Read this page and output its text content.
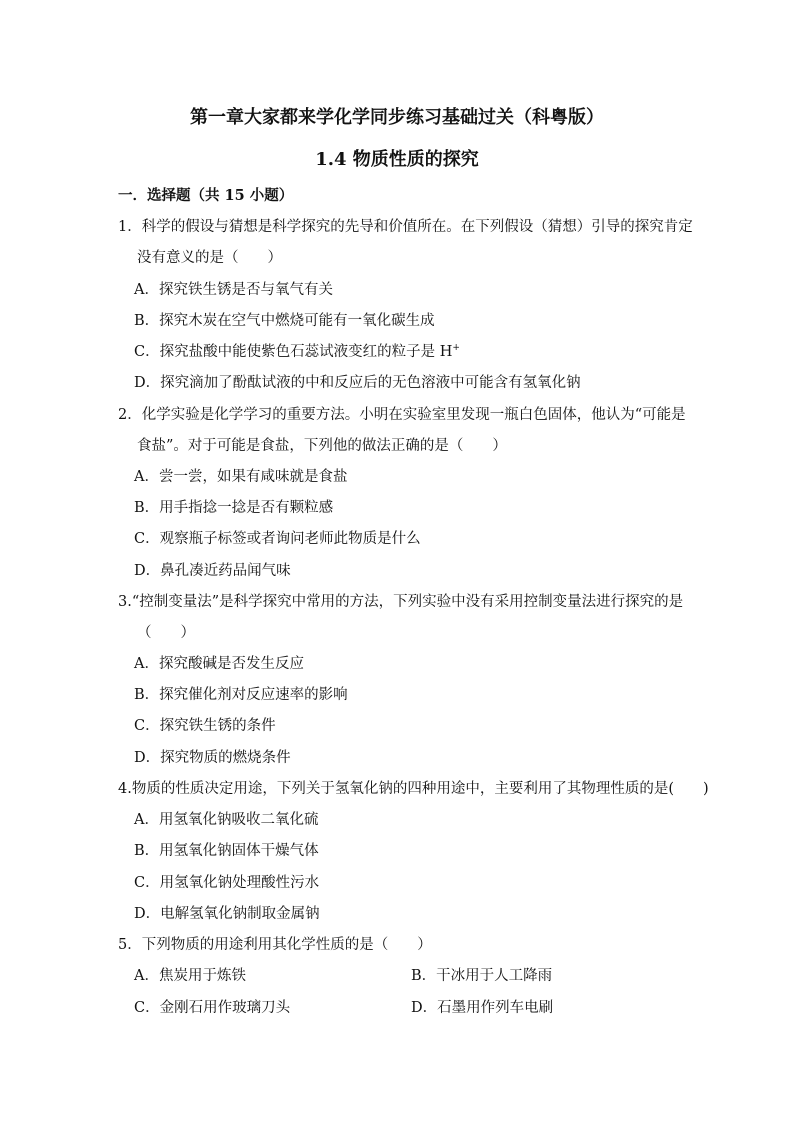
第一章大家都来学化学同步练习基础过关（科粤版）
1.4 物质性质的探究
一．选择题（共 15 小题）
1．科学的假设与猜想是科学探究的先导和价值所在。在下列假设（猜想）引导的探究肯定
没有意义的是（　　）
A．探究铁生锈是否与氧气有关
B．探究木炭在空气中燃烧可能有一氧化碳生成
C．探究盐酸中能使紫色石蕊试液变红的粒子是 H+
D．探究滴加了酚酞试液的中和反应后的无色溶液中可能含有氢氧化钠
2．化学实验是化学学习的重要方法。小明在实验室里发现一瓶白色固体，他认为“可能是
食盐”。对于可能是食盐，下列他的做法正确的是（　　）
A．尝一尝，如果有咸味就是食盐
B．用手指捻一捻是否有颗粒感
C．观察瓶子标签或者询问老师此物质是什么
D．鼻孔凑近药品闻气味
3.“控制变量法”是科学探究中常用的方法，下列实验中没有采用控制变量法进行探究的是
（　　）
A．探究酸碱是否发生反应
B．探究催化剂对反应速率的影响
C．探究铁生锈的条件
D．探究物质的燃烧条件
4.物质的性质决定用途，下列关于氢氧化钠的四种用途中，主要利用了其物理性质的是(　　)
A．用氢氧化钠吸收二氧化硫
B．用氢氧化钠固体干燥气体
C．用氢氧化钠处理酸性污水
D．电解氢氧化钠制取金属钠
5．下列物质的用途利用其化学性质的是（　　）
A．焦炭用于炼铁	B．干冰用于人工降雨
C．金刚石用作玻璃刀头	D．石墨用作列车电刷
